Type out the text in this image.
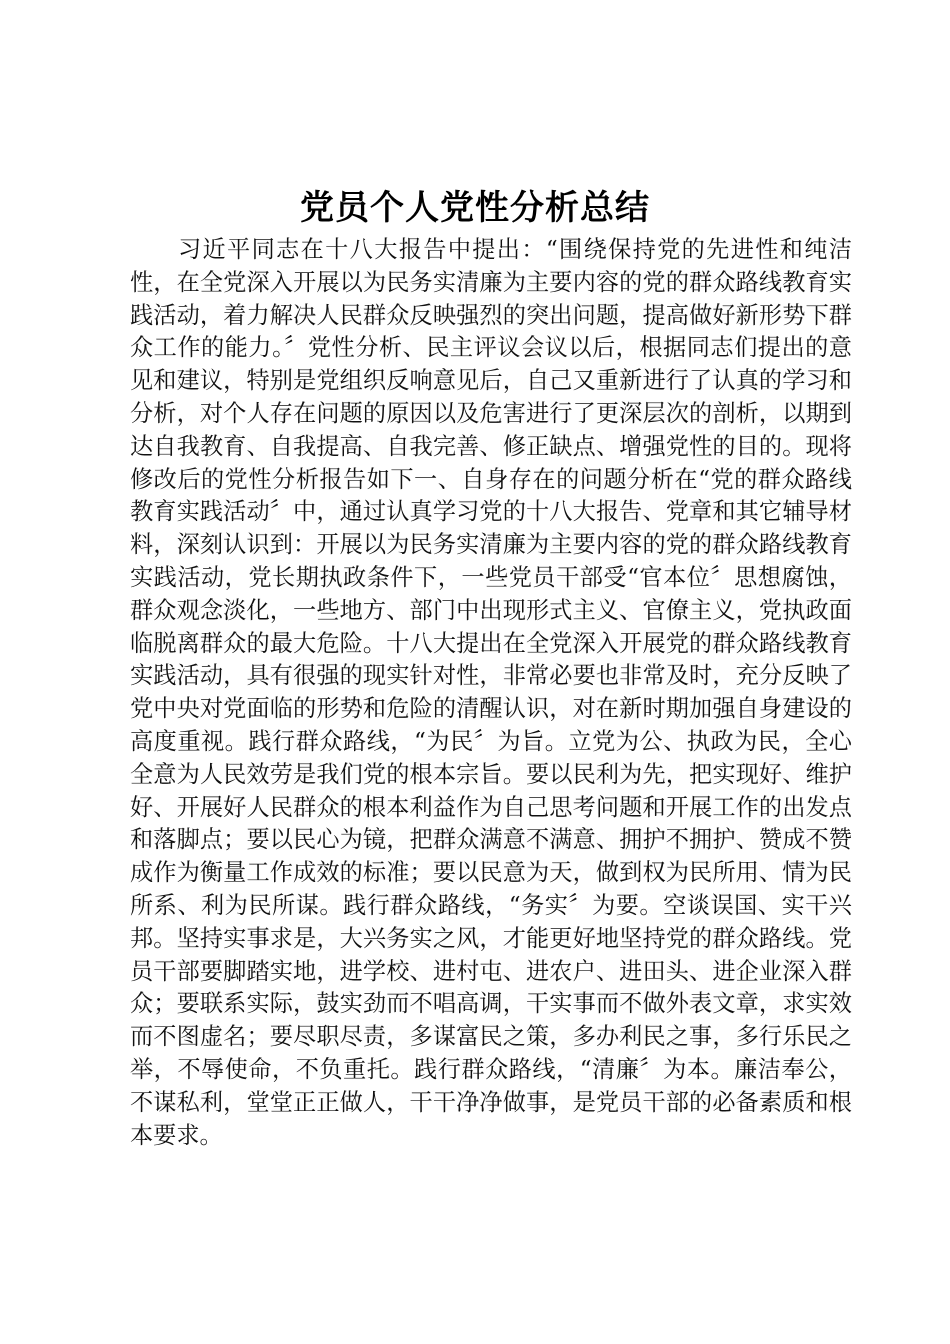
党员个人党性分析总结

习近平同志在十八大报告中提出：“围绕保持党的先进性和纯洁性，在全党深入开展以为民务实清廉为主要内容的党的群众路线教育实践活动，着力解决人民群众反映强烈的突出问题，提高做好新形势下群众工作的能力。〞党性分析、民主评议会议以后，根据同志们提出的意见和建议，特别是党组织反响意见后，自己又重新进行了认真的学习和分析，对个人存在问题的原因以及危害进行了更深层次的剖析，以期到达自我教育、自我提高、自我完善、修正缺点、增强党性的目的。现将修改后的党性分析报告如下一、自身存在的问题分析在“党的群众路线教育实践活动〞中，通过认真学习党的十八大报告、党章和其它辅导材料，深刻认识到：开展以为民务实清廉为主要内容的党的群众路线教育实践活动，党长期执政条件下，一些党员干部受“官本位〞思想腐蚀，群众观念淡化，一些地方、部门中出现形式主义、官僚主义，党执政面临脱离群众的最大危险。十八大提出在全党深入开展党的群众路线教育实践活动，具有很强的现实针对性，非常必要也非常及时，充分反映了党中央对党面临的形势和危险的清醒认识，对在新时期加强自身建设的高度重视。践行群众路线，“为民〞为旨。立党为公、执政为民，全心全意为人民效劳是我们党的根本宗旨。要以民利为先，把实现好、维护好、开展好人民群众的根本利益作为自己思考问题和开展工作的出发点和落脚点；要以民心为镜，把群众满意不满意、拥护不拥护、赞成不赞成作为衡量工作成效的标准；要以民意为天，做到权为民所用、情为民所系、利为民所谋。践行群众路线，“务实〞为要。空谈误国、实干兴邦。坚持实事求是，大兴务实之风，才能更好地坚持党的群众路线。党员干部要脚踏实地，进学校、进村屯、进农户、进田头、进企业深入群众；要联系实际，鼓实劲而不唱高调，干实事而不做外表文章，求实效而不图虚名；要尽职尽责，多谋富民之策，多办利民之事，多行乐民之举，不辱使命，不负重托。践行群众路线，“清廉〞为本。廉洁奉公，不谋私利，堂堂正正做人，干干净净做事，是党员干部的必备素质和根本要求。
